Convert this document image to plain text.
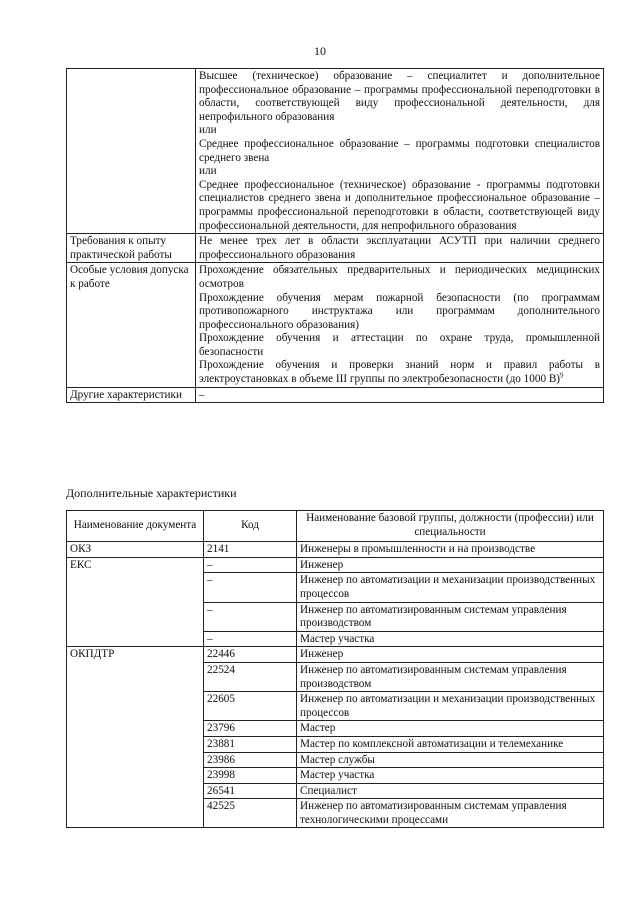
10

	Высшее (техническое) образование – специалитет и дополнительное профессиональное образование – программы профессиональной переподготовки в области, соответствующей виду профессиональной деятельности, для непрофильного образования

или

Среднее профессиональное образование – программы подготовки специалистов среднего звена

или

Среднее профессиональное (техническое) образование - программы подготовки специалистов среднего звена и дополнительное профессиональное образование – программы профессиональной переподготовки в области, соответствующей виду профессиональной деятельности, для непрофильного образования

Требования к опыту практической работы	Не менее трех лет в области эксплуатации АСУТП при наличии среднего профессионального образования

Особые условия допуска к работе	Прохождение обязательных предварительных и периодических медицинских осмотров

Прохождение обучения мерам пожарной безопасности (по программам противопожарного инструктажа или программам дополнительного профессионального образования)

Прохождение обучения и аттестации по охране труда, промышленной безопасности

Прохождение обучения и проверки знаний норм и правил работы в электроустановках в объеме III группы по электробезопасности (до 1000 В)$^9$

Другие характеристики	–

Дополнительные характеристики
Наименование документа	Код	Наименование базовой группы, должности (профессии) или специальности
ОКЗ	2141	Инженеры в промышленности и на производстве
ЕКС	–	Инженер
	–	Инженер по автоматизации и механизации производственных процессов
	–	Инженер по автоматизированным системам управления производством
	–	Мастер участка
ОКПДТР	22446	Инженер
	22524	Инженер по автоматизированным системам управления производством
	22605	Инженер по автоматизации и механизации производственных процессов
	23796	Мастер
	23881	Мастер по комплексной автоматизации и телемеханике
	23986	Мастер службы
	23998	Мастер участка
	26541	Специалист
	42525	Инженер по автоматизированным системам управления технологическими процессами
